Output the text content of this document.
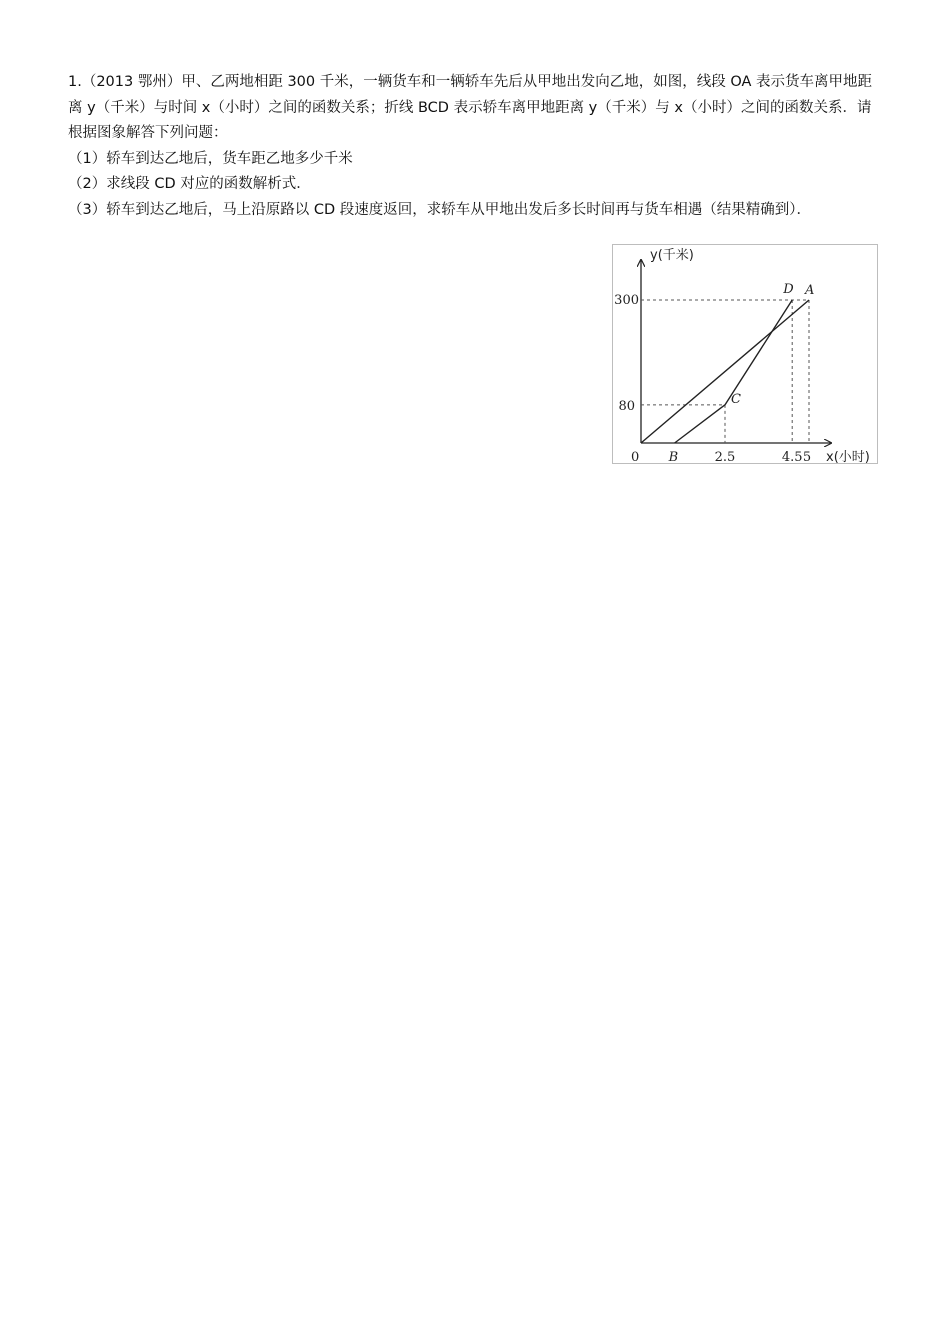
1.（2013 鄂州）甲、乙两地相距 300 千米，一辆货车和一辆轿车先后从甲地出发向乙地，如图，线段 OA 表示货车离甲地距离 y（千米）与时间 x（小时）之间的函数关系；折线 BCD 表示轿车离甲地距离 y（千米）与 x（小时）之间的函数关系．请根据图象解答下列问题：

（1）轿车到达乙地后，货车距乙地多少千米

（2）求线段 CD 对应的函数解析式．

（3）轿车到达乙地后，马上沿原路以 CD 段速度返回，求轿车从甲地出发后多长时间再与货车相遇（结果精确到）．

y(千米)
x(小时)
300
80
0	2.5	4.5 5
A
B
C
D
